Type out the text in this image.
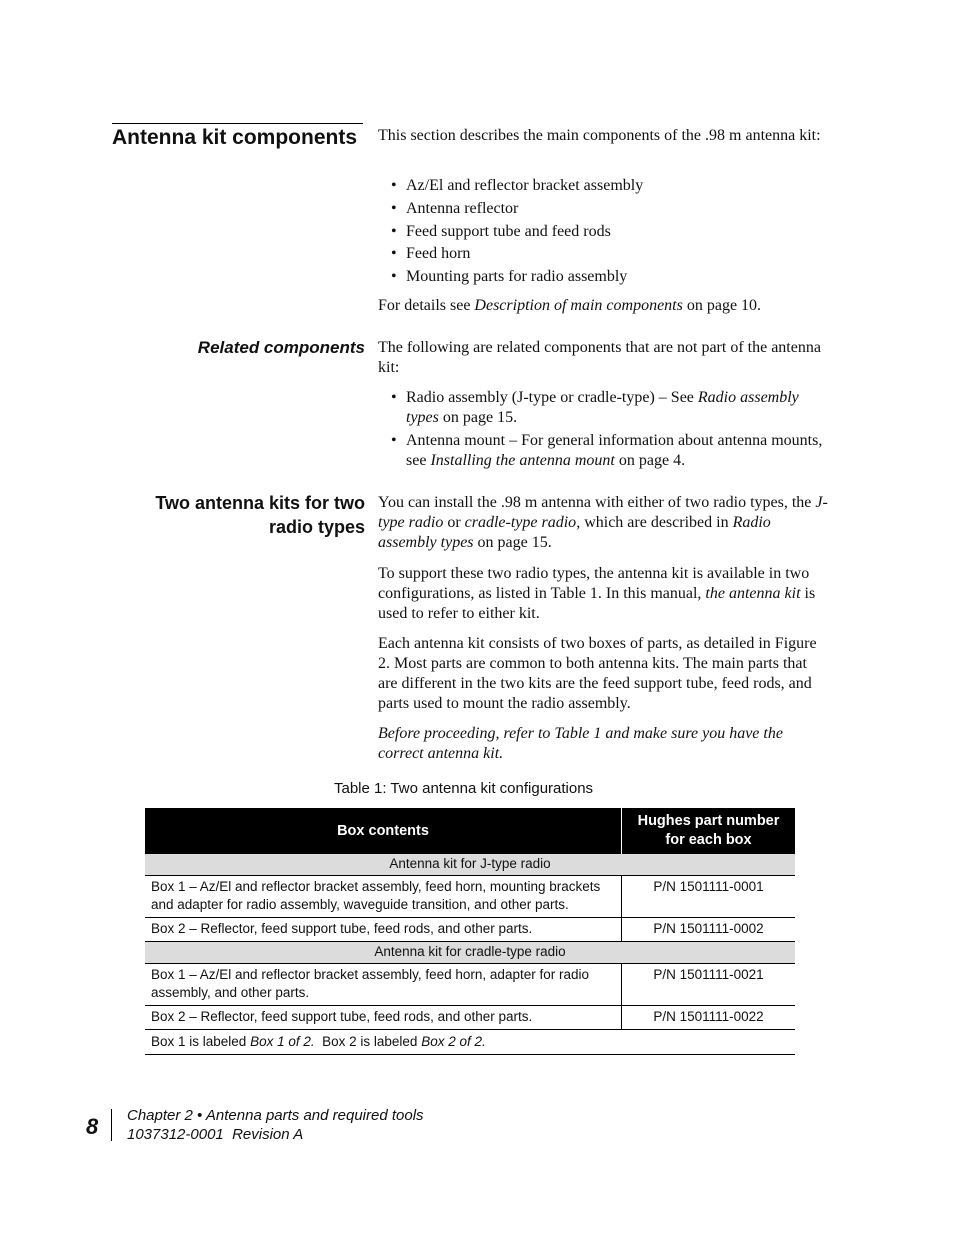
Antenna kit components	This section describes the main components of the .98 m antenna kit:
• Az/El and reflector bracket assembly
• Antenna reflector
• Feed support tube and feed rods
• Feed horn
• Mounting parts for radio assembly
For details see Description of main components on page 10.
Related components The following are related components that are not part of the antenna kit:
• Radio assembly (J-type or cradle-type) – See Radio assembly types on page 15.
• Antenna mount – For general information about antenna mounts, see Installing the antenna mount on page 4.
Two antenna kits for two radio types
You can install the .98 m antenna with either of two radio types, the J-type radio or cradle-type radio, which are described in Radio assembly types on page 15.
To support these two radio types, the antenna kit is available in two configurations, as listed in Table 1. In this manual, the antenna kit is used to refer to either kit.
Each antenna kit consists of two boxes of parts, as detailed in Figure 2. Most parts are common to both antenna kits. The main parts that are different in the two kits are the feed support tube, feed rods, and parts used to mount the radio assembly.
Before proceeding, refer to Table 1 and make sure you have the correct antenna kit.
Table 1: Two antenna kit configurations
Box contents	Hughes part number for each box
Antenna kit for J-type radio	
Box 1 – Az/El and reflector bracket assembly, feed horn, mounting brackets and adapter for radio assembly, waveguide transition, and other parts.	P/N 1501111-0001
Box 2 – Reflector, feed support tube, feed rods, and other parts.	P/N 1501111-0002
Antenna kit for cradle-type radio	
Box 1 – Az/El and reflector bracket assembly, feed horn, adapter for radio assembly, and other parts.	P/N 1501111-0021
Box 2 – Reflector, feed support tube, feed rods, and other parts.	P/N 1501111-0022
Box 1 is labeled Box 1 of 2.  Box 2 is labeled Box 2 of 2.	
8 Chapter 2 • Antenna parts and required tools
1037312-0001  Revision A
